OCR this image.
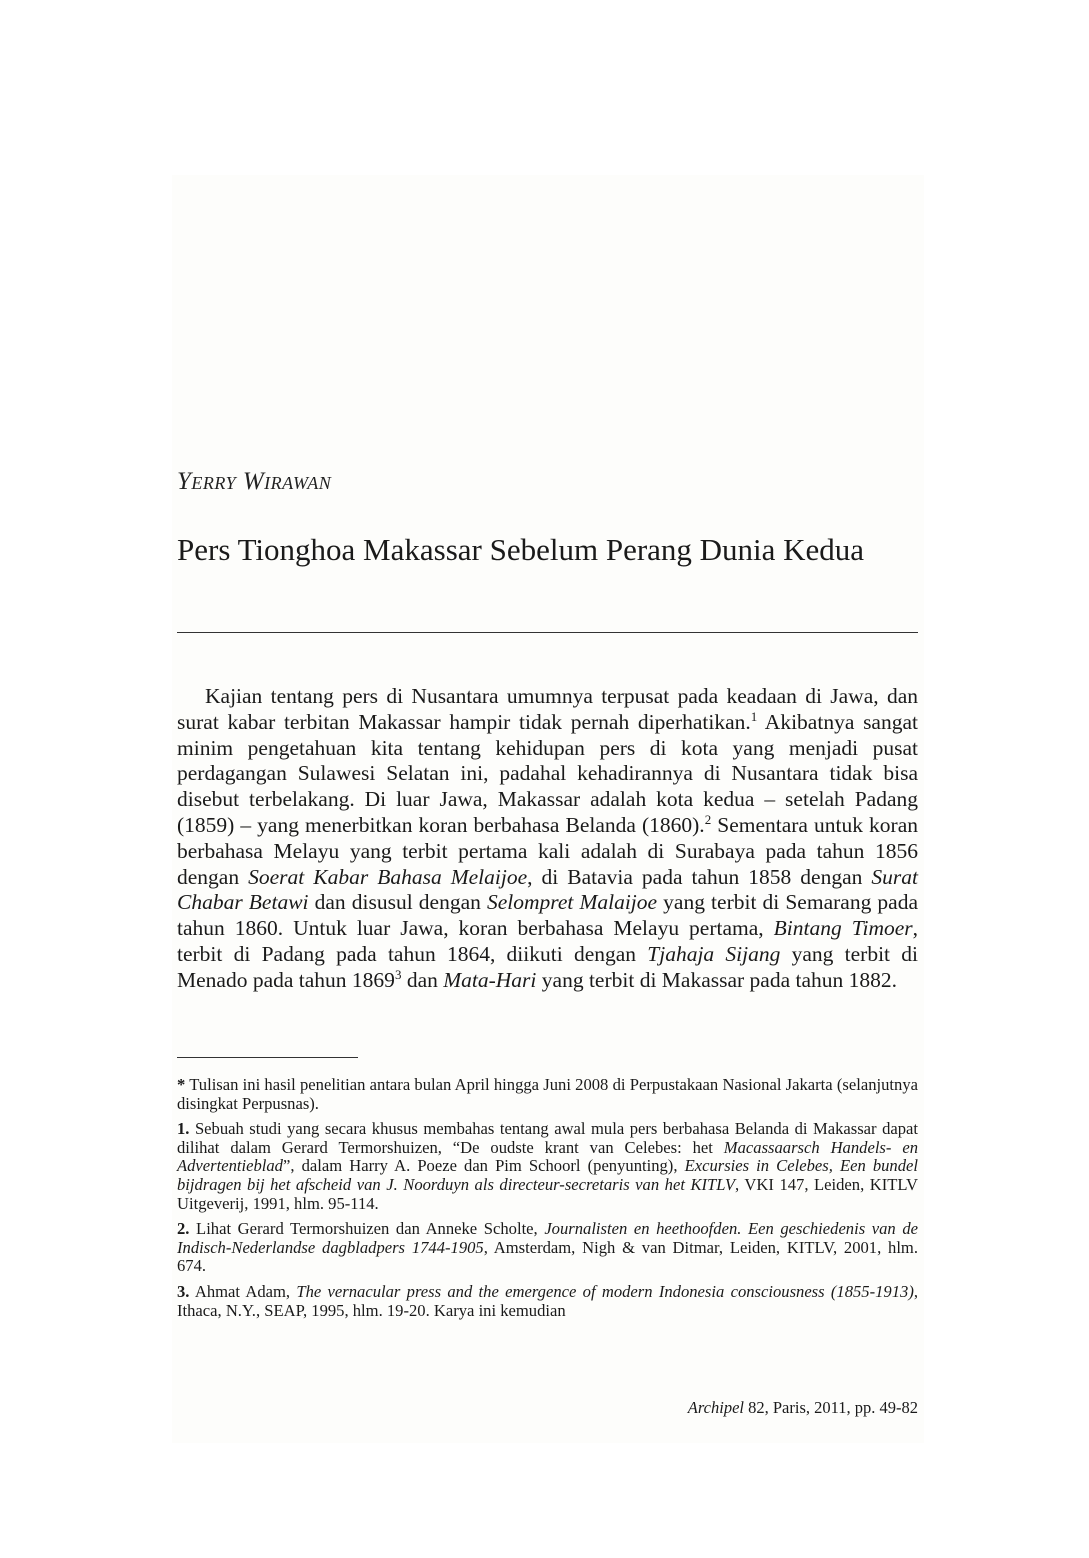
Yerry Wirawan

Pers Tionghoa Makassar Sebelum Perang Dunia Kedua

Kajian tentang pers di Nusantara umumnya terpusat pada keadaan di Jawa, dan surat kabar terbitan Makassar hampir tidak pernah diperhatikan.$^1$ Akibatnya sangat minim pengetahuan kita tentang kehidupan pers di kota yang menjadi pusat perdagangan Sulawesi Selatan ini, padahal kehadirannya di Nusantara tidak bisa disebut terbelakang. Di luar Jawa, Makassar adalah kota kedua – setelah Padang (1859) – yang menerbitkan koran berbahasa Belanda (1860).$^2$ Sementara untuk koran berbahasa Melayu yang terbit pertama kali adalah di Surabaya pada tahun 1856 dengan Soerat Kabar Bahasa Melaijoe, di Batavia pada tahun 1858 dengan Surat Chabar Betawi dan disusul dengan Selompret Malaijoe yang terbit di Semarang pada tahun 1860. Untuk luar Jawa, koran berbahasa Melayu pertama, Bintang Timoer, terbit di Padang pada tahun 1864, diikuti dengan Tjahaja Sijang yang terbit di Menado pada tahun 1869$^3$ dan Mata-Hari yang terbit di Makassar pada tahun 1882.

* Tulisan ini hasil penelitian antara bulan April hingga Juni 2008 di Perpustakaan Nasional Jakarta (selanjutnya disingkat Perpusnas).

1. Sebuah studi yang secara khusus membahas tentang awal mula pers berbahasa Belanda di Makassar dapat dilihat dalam Gerard Termorshuizen, “De oudste krant van Celebes: het Macassaarsch Handels- en Advertentieblad”, dalam Harry A. Poeze dan Pim Schoorl (penyunting), Excursies in Celebes, Een bundel bijdragen bij het afscheid van J. Noorduyn als directeur-secretaris van het KITLV, VKI 147, Leiden, KITLV Uitgeverij, 1991, hlm. 95-114.

2. Lihat Gerard Termorshuizen dan Anneke Scholte, Journalisten en heethoofden. Een geschiedenis van de Indisch-Nederlandse dagbladpers 1744-1905, Amsterdam, Nigh & van Ditmar, Leiden, KITLV, 2001, hlm. 674.

3. Ahmat Adam, The vernacular press and the emergence of modern Indonesia consciousness (1855-1913), Ithaca, N.Y., SEAP, 1995, hlm. 19-20. Karya ini kemudian

Archipel 82, Paris, 2011, pp. 49-82
